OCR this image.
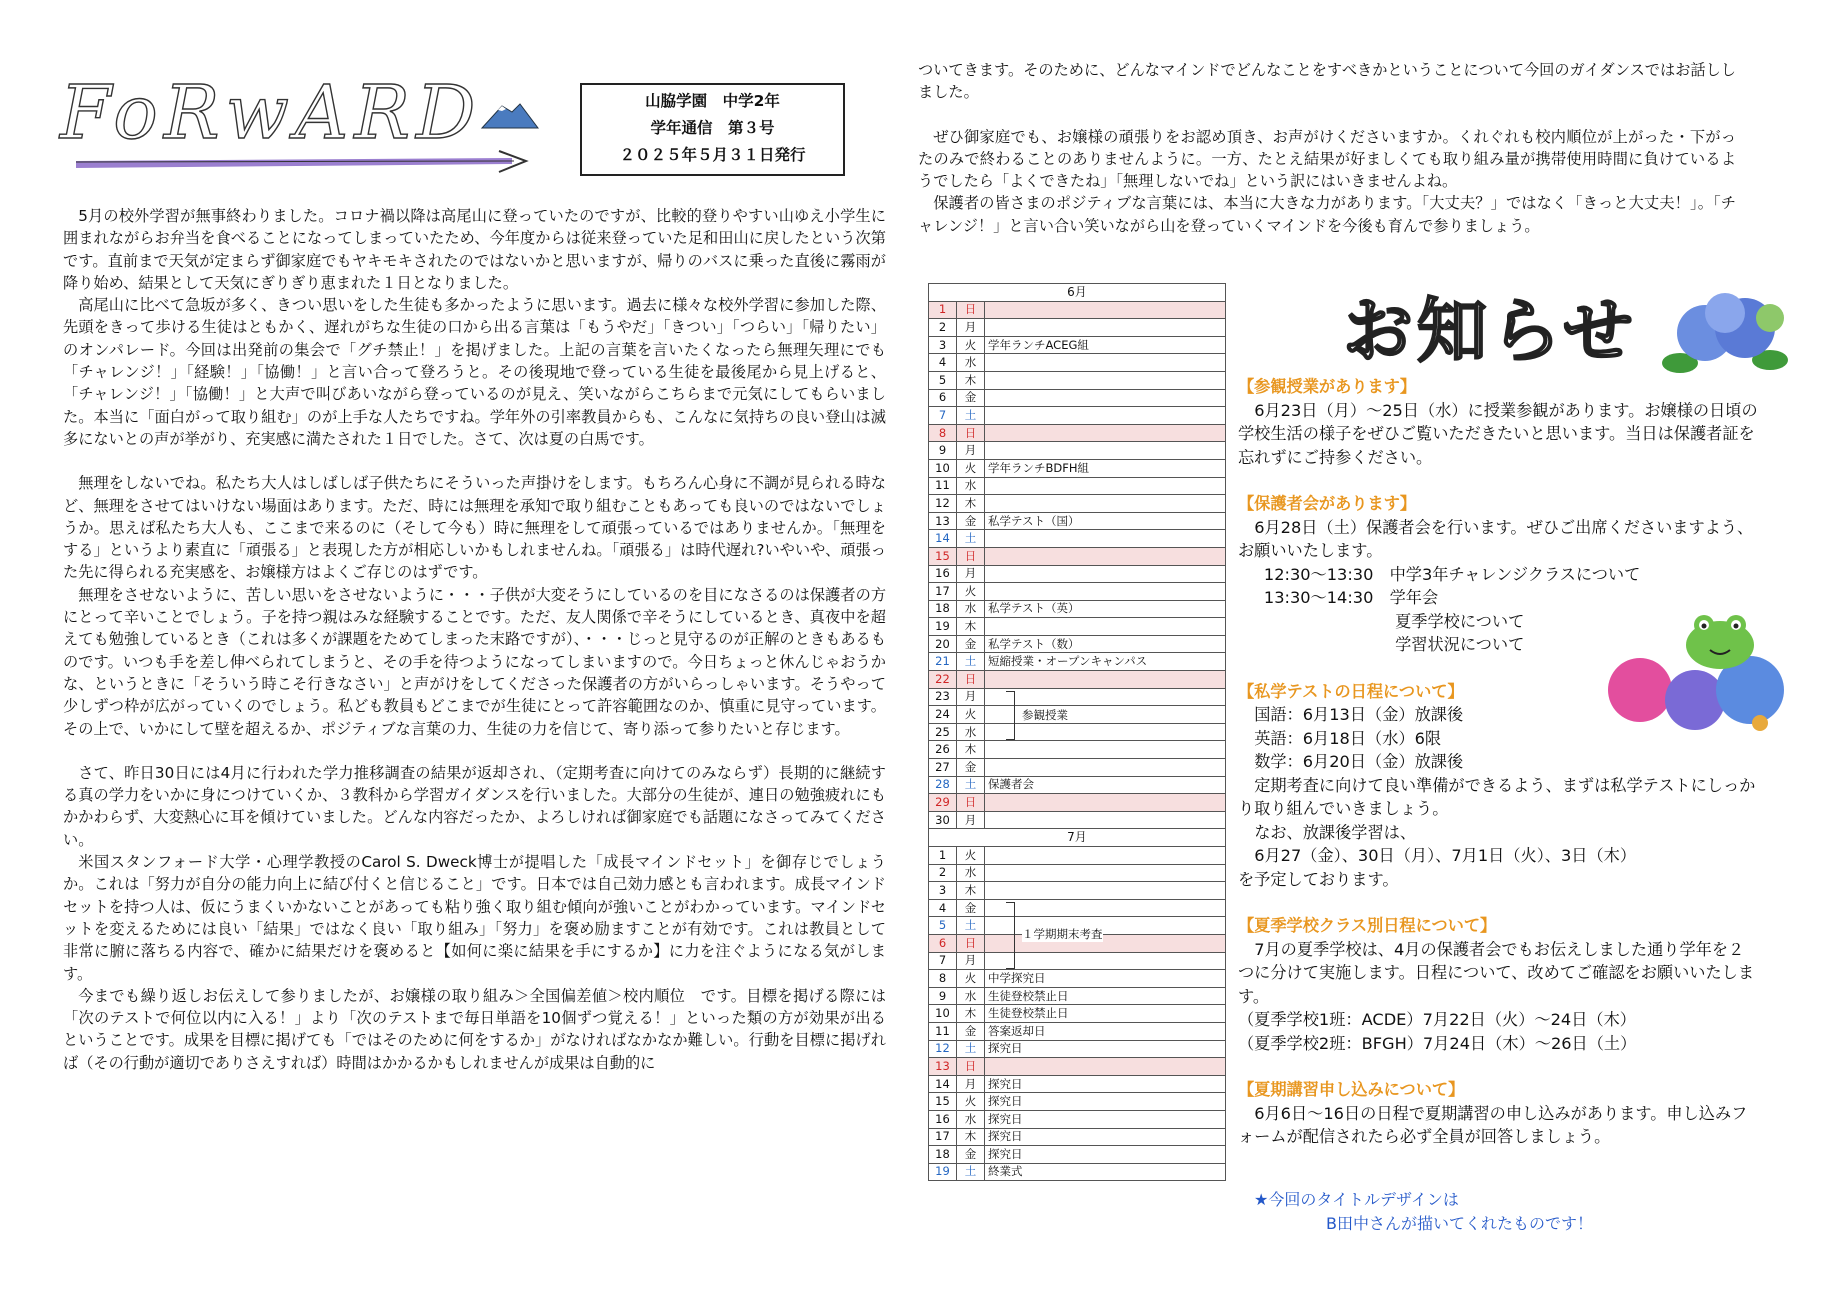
FoRwARD	山脇学園　中学2年
学年通信　第３号
２０２５年５月３１日発行

5月の校外学習が無事終わりました。コロナ禍以降は高尾山に登っていたのですが、比較的登りやすい山ゆえ小学生に囲まれながらお弁当を食べることになってしまっていたため、今年度からは従来登っていた足和田山に戻したという次第です。直前まで天気が定まらず御家庭でもヤキモキされたのではないかと思いますが、帰りのバスに乗った直後に霧雨が降り始め、結果として天気にぎりぎり恵まれた１日となりました。

高尾山に比べて急坂が多く、きつい思いをした生徒も多かったように思います。過去に様々な校外学習に参加した際、先頭をきって歩ける生徒はともかく、遅れがちな生徒の口から出る言葉は「もうやだ」「きつい」「つらい」「帰りたい」のオンパレード。今回は出発前の集会で「グチ禁止！」を掲げました。上記の言葉を言いたくなったら無理矢理にでも「チャレンジ！」「経験！」「協働！」と言い合って登ろうと。その後現地で登っている生徒を最後尾から見上げると、「チャレンジ！」「協働！」と大声で叫びあいながら登っているのが見え、笑いながらこちらまで元気にしてもらいました。本当に「面白がって取り組む」のが上手な人たちですね。学年外の引率教員からも、こんなに気持ちの良い登山は滅多にないとの声が挙がり、充実感に満たされた１日でした。さて、次は夏の白馬です。

無理をしないでね。私たち大人はしばしば子供たちにそういった声掛けをします。もちろん心身に不調が見られる時など、無理をさせてはいけない場面はあります。ただ、時には無理を承知で取り組むこともあっても良いのではないでしょうか。思えば私たち大人も、ここまで来るのに（そして今も）時に無理をして頑張っているではありませんか。「無理をする」というより素直に「頑張る」と表現した方が相応しいかもしれませんね。「頑張る」は時代遅れ?いやいや、頑張った先に得られる充実感を、お嬢様方はよくご存じのはずです。

無理をさせないように、苦しい思いをさせないように・・・子供が大変そうにしているのを目になさるのは保護者の方にとって辛いことでしょう。子を持つ親はみな経験することです。ただ、友人関係で辛そうにしているとき、真夜中を超えても勉強しているとき（これは多くが課題をためてしまった末路ですが）、・・・じっと見守るのが正解のときもあるものです。いつも手を差し伸べられてしまうと、その手を待つようになってしまいますので。今日ちょっと休んじゃおうかな、というときに「そういう時こそ行きなさい」と声がけをしてくださった保護者の方がいらっしゃいます。そうやって少しずつ枠が広がっていくのでしょう。私ども教員もどこまでが生徒にとって許容範囲なのか、慎重に見守っています。その上で、いかにして壁を超えるか、ポジティブな言葉の力、生徒の力を信じて、寄り添って参りたいと存じます。

さて、昨日30日には4月に行われた学力推移調査の結果が返却され、（定期考査に向けてのみならず）長期的に継続する真の学力をいかに身につけていくか、３教科から学習ガイダンスを行いました。大部分の生徒が、連日の勉強疲れにもかかわらず、大変熱心に耳を傾けていました。どんな内容だったか、よろしければ御家庭でも話題になさってみてください。

米国スタンフォード大学・心理学教授のCarol S. Dweck博士が提唱した「成長マインドセット」を御存じでしょうか。これは「努力が自分の能力向上に結び付くと信じること」です。日本では自己効力感とも言われます。成長マインドセットを持つ人は、仮にうまくいかないことがあっても粘り強く取り組む傾向が強いことがわかっています。マインドセットを変えるためには良い「結果」ではなく良い「取り組み」「努力」を褒め励ますことが有効です。これは教員として非常に腑に落ちる内容で、確かに結果だけを褒めると【如何に楽に結果を手にするか】に力を注ぐようになる気がします。

今までも繰り返しお伝えして参りましたが、お嬢様の取り組み＞全国偏差値＞校内順位　です。目標を掲げる際には「次のテストで何位以内に入る！」より「次のテストまで毎日単語を10個ずつ覚える！」といった類の方が効果が出るということです。成果を目標に掲げても「ではそのために何をするか」がなければなかなか難しい。行動を目標に掲げれば（その行動が適切でありさえすれば）時間はかかるかもしれませんが成果は自動的に

ついてきます。そのために、どんなマインドでどんなことをすべきかということについて今回のガイダンスではお話ししました。

ぜひ御家庭でも、お嬢様の頑張りをお認め頂き、お声がけくださいますか。くれぐれも校内順位が上がった・下がったのみで終わることのありませんように。一方、たとえ結果が好ましくても取り組み量が携帯使用時間に負けているようでしたら「よくできたね」「無理しないでね」という訳にはいきませんよね。

保護者の皆さまのポジティブな言葉には、本当に大きな力があります。「大丈夫？」ではなく「きっと大丈夫！」。「チャレンジ！」と言い合い笑いながら山を登っていくマインドを今後も育んで参りましょう。

6月		
1	日	
2	月	
3	火	学年ランチACEG組
4	水	
5	木	
6	金	
7	土	
8	日	
9	月	
10	火	学年ランチBDFH組
11	水	
12	木	
13	金	私学テスト（国）
14	土	
15	日	
16	月	
17	火	
18	水	私学テスト（英）
19	木	
20	金	私学テスト（数）
21	土	短縮授業・オープンキャンパス
22	日	
23	月	
24	火	
25	水	
26	木	
27	金	
28	土	保護者会
29	日	
30	月	
7月		
1	火	
2	水	
3	木	
4	金	
5	土	
6	日	
7	月	
8	火	中学探究日
9	水	生徒登校禁止日
10	木	生徒登校禁止日
11	金	答案返却日
12	土	探究日
13	日	
14	月	探究日
15	火	探究日
16	水	探究日
17	木	探究日
18	金	探究日
19	土	終業式
お知らせ
【参観授業があります】
6月23日（月）～25日（水）に授業参観があります。お嬢様の日頃の学校生活の様子をぜひご覧いただきたいと思います。当日は保護者証を忘れずにご持参ください。
【保護者会があります】
6月28日（土）保護者会を行います。ぜひご出席くださいますよう、お願いいたします。
12:30～13:30　 中学3年チャレンジクラスについて
13:30～14:30　 学年会
夏季学校について
学習状況について
【私学テストの日程について】
国語：6月13日（金）放課後
英語：6月18日（水）6限
数学：6月20日（金）放課後
定期考査に向けて良い準備ができるよう、まずは私学テストにしっかり取り組んでいきましょう。
なお、放課後学習は、
6月27（金）、30日（月）、7月1日（火）、3日（木）
を予定しております。
【夏季学校クラス別日程について】
7月の夏季学校は、4月の保護者会でもお伝えしました通り学年を２つに分けて実施します。日程について、改めてご確認をお願いいたします。
（夏季学校1班：ACDE）7月22日（火）～24日（木）
（夏季学校2班：BFGH）7月24日（木）～26日（土）
【夏期講習申し込みについて】
6月6日～16日の日程で夏期講習の申し込みがあります。申し込みフォームが配信されたら必ず全員が回答しましょう。
★今回のタイトルデザインは
B田中さんが描いてくれたものです！
参観授業
１学期期末考査
